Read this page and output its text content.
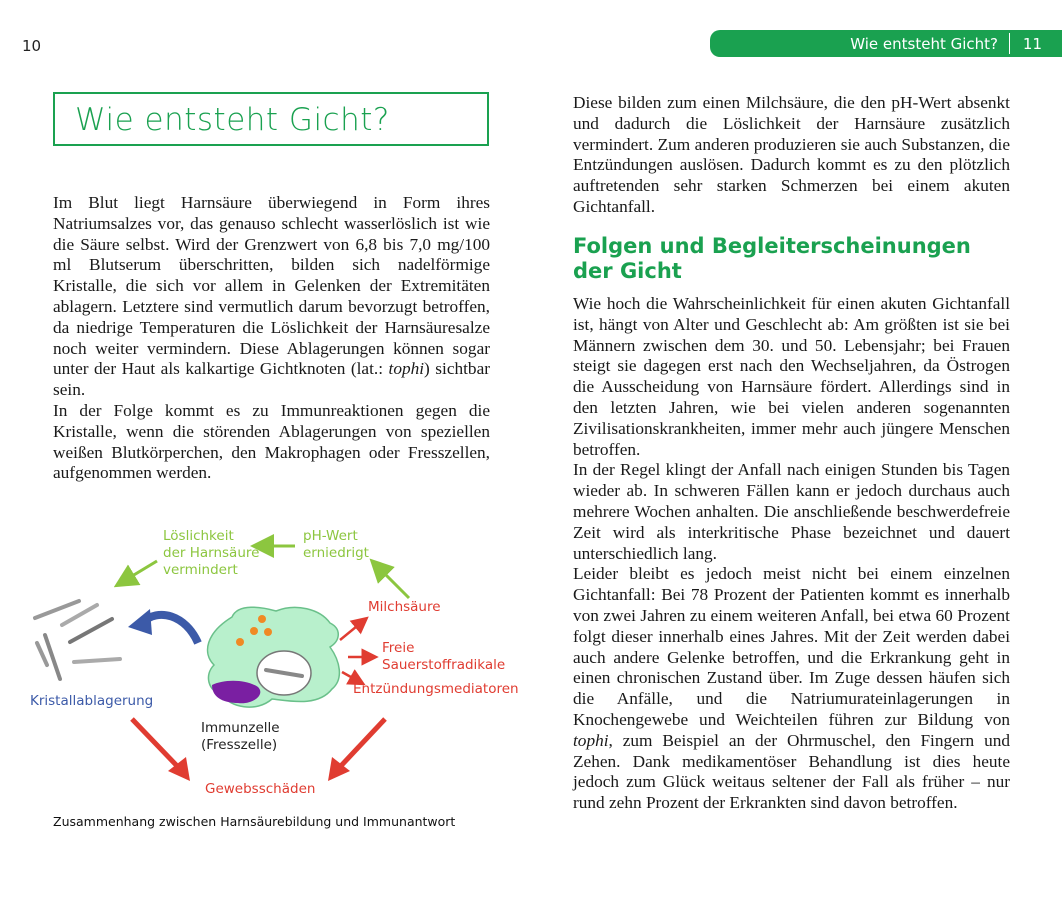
10	Wie entsteht Gicht? 11
Wie entsteht Gicht?

Im Blut liegt Harnsäure überwiegend in Form ihres Natriumsalzes vor, das genauso schlecht wasserlöslich ist wie die Säure selbst. Wird der Grenzwert von 6,8 bis 7,0 mg/100 ml Blutserum überschritten, bilden sich nadelförmige Kristalle, die sich vor allem in Gelenken der Extremitäten ablagern. Letztere sind vermutlich darum bevorzugt betroffen, da niedrige Temperaturen die Löslichkeit der Harnsäuresalze noch weiter vermindern. Diese Ablagerungen können sogar unter der Haut als kalkartige Gichtknoten (lat.: tophi) sichtbar sein.

In der Folge kommt es zu Immunreaktionen gegen die Kristalle, wenn die störenden Ablagerungen von speziellen weißen Blutkörperchen, den Makrophagen oder Fresszellen, aufgenommen werden.

Löslichkeit
der Harnsäure
vermindert
pH-Wert
erniedrigt
Milchsäure
Freie
Sauerstoffradikale
Entzündungsmediatoren
Kristallablagerung
Immunzelle
(Fresszelle)
Gewebsschäden
Zusammenhang zwischen Harnsäurebildung und Immunantwort

Diese bilden zum einen Milchsäure, die den pH-Wert absenkt und dadurch die Löslichkeit der Harnsäure zusätzlich vermindert. Zum anderen produzieren sie auch Substanzen, die Entzündungen auslösen. Dadurch kommt es zu den plötzlich auftretenden sehr starken Schmerzen bei einem akuten Gichtanfall.

Folgen und Begleiterscheinungen
der Gicht

Wie hoch die Wahrscheinlichkeit für einen akuten Gichtanfall ist, hängt von Alter und Geschlecht ab: Am größten ist sie bei Männern zwischen dem 30. und 50. Lebensjahr; bei Frauen steigt sie dagegen erst nach den Wechseljahren, da Östrogen die Ausscheidung von Harnsäure fördert. Allerdings sind in den letzten Jahren, wie bei vielen anderen sogenannten Zivilisationskrankheiten, immer mehr auch jüngere Menschen betroffen.

In der Regel klingt der Anfall nach einigen Stunden bis Tagen wieder ab. In schweren Fällen kann er jedoch durchaus auch mehrere Wochen anhalten. Die anschließende beschwerdefreie Zeit wird als interkritische Phase bezeichnet und dauert unterschiedlich lang.

Leider bleibt es jedoch meist nicht bei einem einzelnen Gichtanfall: Bei 78 Prozent der Patienten kommt es innerhalb von zwei Jahren zu einem weiteren Anfall, bei etwa 60 Prozent folgt dieser innerhalb eines Jahres. Mit der Zeit werden dabei auch andere Gelenke betroffen, und die Erkrankung geht in einen chronischen Zustand über. Im Zuge dessen häufen sich die Anfälle, und die Natriumurateinlagerungen in Knochengewebe und Weichteilen führen zur Bildung von tophi, zum Beispiel an der Ohrmuschel, den Fingern und Zehen. Dank medikamentöser Behandlung ist dies heute jedoch zum Glück weitaus seltener der Fall als früher – nur rund zehn Prozent der Erkrankten sind davon betroffen.
